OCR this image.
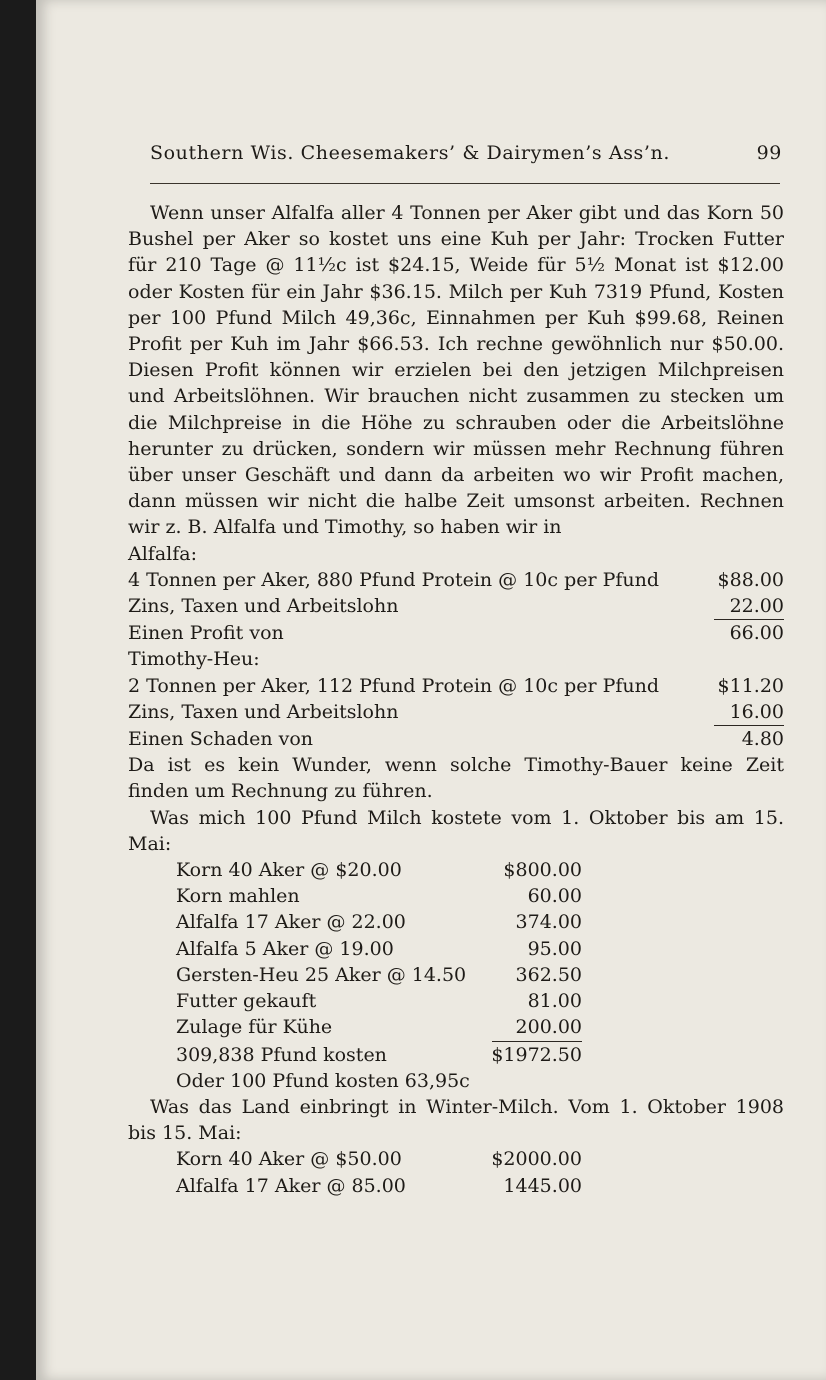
Southern Wis. Cheesemakers’ & Dairymen’s Ass’n.	99

Wenn unser Alfalfa aller 4 Tonnen per Aker gibt und das Korn 50 Bushel per Aker so kostet uns eine Kuh per Jahr: Trocken Futter für 210 Tage @ 11½c ist $24.15, Weide für 5½ Monat ist $12.00 oder Kosten für ein Jahr $36.15. Milch per Kuh 7319 Pfund, Kosten per 100 Pfund Milch 49,36c, Einnahmen per Kuh $99.68, Reinen Profit per Kuh im Jahr $66.53. Ich rechne gewöhnlich nur $50.00. Diesen Profit können wir erzielen bei den jetzigen Milchpreisen und Arbeitslöhnen. Wir brauchen nicht zusammen zu stecken um die Milchpreise in die Höhe zu schrauben oder die Arbeitslöhne herunter zu drücken, sondern wir müssen mehr Rechnung führen über unser Geschäft und dann da arbeiten wo wir Profit machen, dann müssen wir nicht die halbe Zeit umsonst arbeiten. Rechnen wir z. B. Alfalfa und Timothy, so haben wir in

Alfalfa:

4 Tonnen per Aker, 880 Pfund Protein @ 10c per Pfund	$88.00
Zins, Taxen und Arbeitslohn	22.00
Einen Profit von	66.00

Timothy-Heu:

2 Tonnen per Aker, 112 Pfund Protein @ 10c per Pfund	$11.20
Zins, Taxen und Arbeitslohn	16.00
Einen Schaden von	4.80

Da ist es kein Wunder, wenn solche Timothy-Bauer keine Zeit finden um Rechnung zu führen.

Was mich 100 Pfund Milch kostete vom 1. Oktober bis am 15. Mai:

Korn 40 Aker @ $20.00	$800.00
Korn mahlen	60.00
Alfalfa 17 Aker @ 22.00	374.00
Alfalfa 5 Aker @ 19.00	95.00
Gersten-Heu 25 Aker @ 14.50	362.50
Futter gekauft	81.00
Zulage für Kühe	200.00
309,838 Pfund kosten	$1972.50

Oder 100 Pfund kosten 63,95c

Was das Land einbringt in Winter-Milch. Vom 1. Oktober 1908 bis 15. Mai:

Korn 40 Aker @ $50.00	$2000.00
Alfalfa 17 Aker @ 85.00	1445.00
